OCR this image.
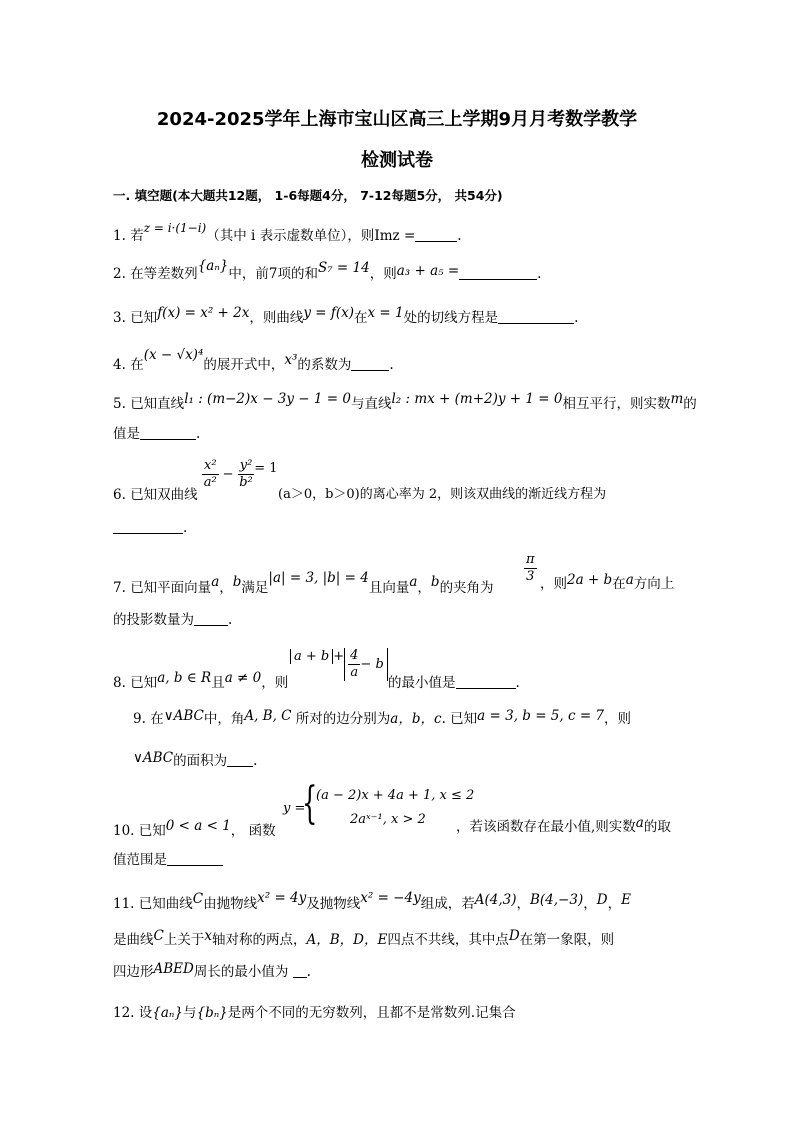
2024-2025学年上海市宝山区高三上学期9月月考数学教学
检测试卷
一. 填空题(本大题共12题， 1-6每题4分， 7-12每题5分， 共54分)
1. 若z = i·(1−i)（其中 i 表示虚数单位），则Imz =	.
2. 在等差数列{aₙ}中，前7项的和S₇ = 14，则a₃ + a₅ =	.
3. 已知f(x) = x² + 2x，则曲线y = f(x)在x = 1处的切线方程是	.
4. 在(x − √x)⁴的展开式中，x³的系数为	.
5. 已知直线l₁ : (m−2)x − 3y − 1 = 0与直线l₂ : mx + (m+2)y + 1 = 0相互平行，则实数m的
值是	.
6. 已知双曲线
$\frac{\text{x²}}{\text{a²}} - \frac{\text{y²}}{\text{b²}} = 1$
(a＞0，b＞0)的离心率为 2，则该双曲线的渐近线方程为
.
7. 已知平面向量a，b满足|a| = 3, |b| = 4且向量a，b的夹角为
$\frac{\pi}{3}$ ，则2a + b在a方向上
的投影数量为	.
8. 已知a, b ∈ R且a ≠ 0，则
$a + b + \frac{4}{a} - b$
的最小值是	.
9. 在∨ABC中，角A, B, C 所对的边分别为a，b，c. 已知a = 3, b = 5, c = 7，则
∨ABC的面积为 .
10. 已知0 < a < 1， 函数
y =
{
(a − 2)x + 4a + 1, x ≤ 2
2aˣ⁻¹, x > 2 ，若该函数存在最小值,则实数a的取
值范围是
11. 已知曲线C由抛物线x² = 4y及抛物线x² = −4y组成，若A(4,3)，B(4,−3)，D，E
是曲线C上关于x轴对称的两点，A，B，D，E四点不共线，其中点D在第一象限，则
四边形ABED周长的最小值为 .
12. 设{aₙ}与{bₙ}是两个不同的无穷数列，且都不是常数列.记集合
